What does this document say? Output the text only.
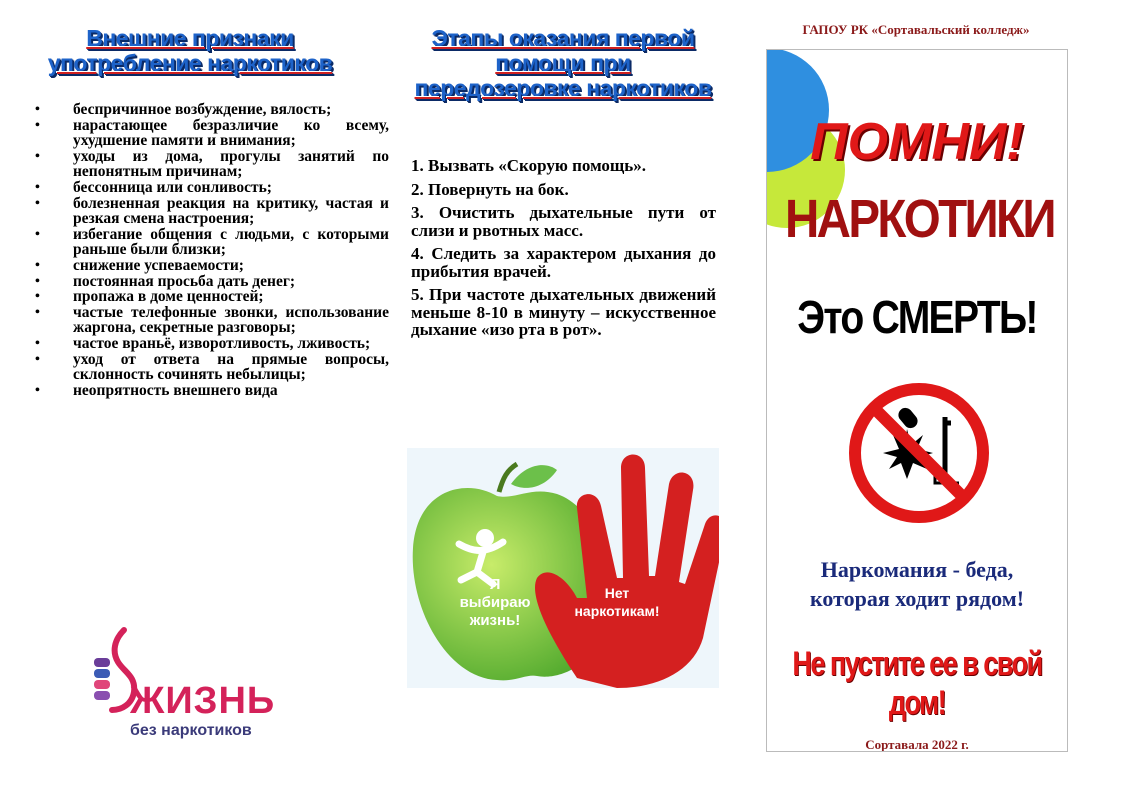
Внешние признаки
употребление наркотиков
• беспричинное возбуждение, вялость;
• нарастающее безразличие ко всему, ухудшение памяти и внимания;
• уходы из дома, прогулы занятий по непонятным причинам;
• бессонница или сонливость;
• болезненная реакция на критику, частая и резкая смена настроения;
• избегание общения с людьми, с которыми раньше были близки;
• снижение успеваемости;
• постоянная просьба дать денег;
• пропажа в доме ценностей;
• частые телефонные звонки, использование жаргона, секретные разговоры;
• частое враньё, изворотливость, лживость;
• уход от ответа на прямые вопросы, склонность сочинять небылицы;
• неопрятность внешнего вида
ЖИЗНЬ
без наркотиков
Этапы оказания первой
помощи при
передозеровке наркотиков

1. Вызвать «Скорую помощь».

2. Повернуть на бок.

3. Очистить дыхательные пути от слизи и рвотных масс.

4. Следить за характером дыхания до прибытия врачей.

5. При частоте дыхательных движений меньше 8-10 в минуту – искусственное дыхание «изо рта в рот».

Я
выбираю
жизнь!
Нет
наркотикам!
ГАПОУ РК «Сортавальский колледж»
ПОМНИ!
НАРКОТИКИ
Это СМЕРТЬ!
Наркомания - беда,
которая ходит рядом!
Не пустите ее в свой дом!
Сортавала 2022 г.
